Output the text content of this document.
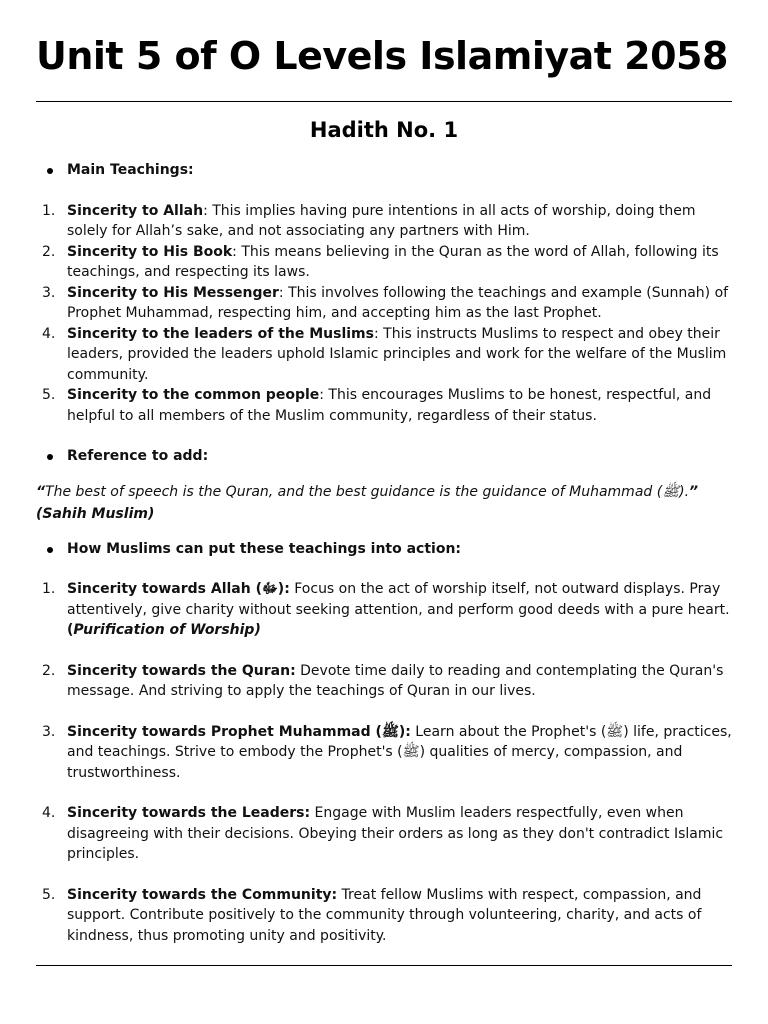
Unit 5 of O Levels Islamiyat 2058
Hadith No. 1
Main Teachings:
1. Sincerity to Allah: This implies having pure intentions in all acts of worship, doing them solely for Allah’s sake, and not associating any partners with Him.
2. Sincerity to His Book: This means believing in the Quran as the word of Allah, following its teachings, and respecting its laws.
3. Sincerity to His Messenger: This involves following the teachings and example (Sunnah) of Prophet Muhammad, respecting him, and accepting him as the last Prophet.
4. Sincerity to the leaders of the Muslims: This instructs Muslims to respect and obey their leaders, provided the leaders uphold Islamic principles and work for the welfare of the Muslim community.
5. Sincerity to the common people: This encourages Muslims to be honest, respectful, and helpful to all members of the Muslim community, regardless of their status.
Reference to add:
“The best of speech is the Quran, and the best guidance is the guidance of Muhammad (ﷺ).”
(Sahih Muslim)
How Muslims can put these teachings into action:
1. Sincerity towards Allah (ﷻ): Focus on the act of worship itself, not outward displays. Pray attentively, give charity without seeking attention, and perform good deeds with a pure heart. (Purification of Worship)
2. Sincerity towards the Quran: Devote time daily to reading and contemplating the Quran's message. And striving to apply the teachings of Quran in our lives.
3. Sincerity towards Prophet Muhammad (ﷺ): Learn about the Prophet's (ﷺ) life, practices, and teachings. Strive to embody the Prophet's (ﷺ) qualities of mercy, compassion, and trustworthiness.
4. Sincerity towards the Leaders: Engage with Muslim leaders respectfully, even when disagreeing with their decisions. Obeying their orders as long as they don't contradict Islamic principles.
5. Sincerity towards the Community: Treat fellow Muslims with respect, compassion, and support. Contribute positively to the community through volunteering, charity, and acts of kindness, thus promoting unity and positivity.
